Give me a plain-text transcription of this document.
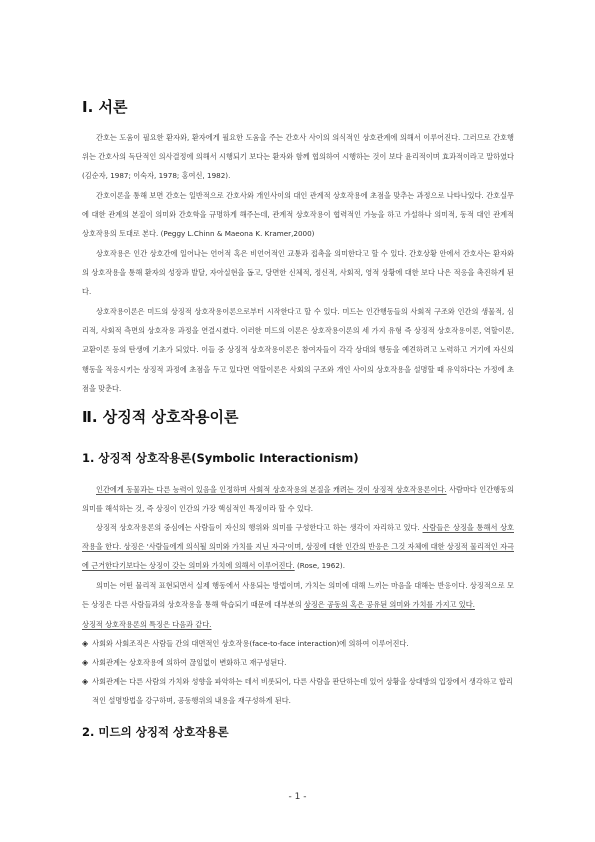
Ⅰ. 서론

간호는 도움이 필요한 환자와, 환자에게 필요한 도움을 주는 간호사 사이의 의식적인 상호관계에 의해서 이루어진다. 그러므로 간호행위는 간호사의 독단적인 의사결정에 의해서 시행되기 보다는 환자와 함께 협의하여 시행하는 것이 보다 윤리적이며 효과적이라고 말하였다 (김순자, 1987; 이숙자, 1978; 홍여신, 1982).

간호이론을 통해 보면 간호는 일반적으로 간호사와 개인사이의 대인 관계적 상호작용에 초점을 맞추는 과정으로 나타나있다. 간호실무에 대한 관계의 본질이 의미와 간호학을 규명하게 해주는데, 관계적 상호작용이 협력적인 가능을 하고 가설하나 의미적, 동적 대인 관계적 상호작용의 토대로 본다. (Peggy L.Chinn & Maeona K. Kramer,2000)

상호작용은 인간 상호간에 일어나는 언어적 혹은 비언어적인 교통과 접촉을 의미한다고 할 수 있다. 간호상황 안에서 간호사는 환자와의 상호작용을 통해 환자의 성장과 발달, 자아실현을 돕고, 당면한 신체적, 정신적, 사회적, 영적 상황에 대한 보다 나은 적응을 촉진하게 된다.

상호작용이론은 미드의 상징적 상호작용이론으로부터 시작한다고 할 수 있다. 미드는 인간행동들의 사회적 구조와 인간의 생물적, 심리적, 사회적 측면의 상호작용 과정을 연결시켰다. 이러한 미드의 이론은 상호작용이론의 세 가지 유형 즉 상징적 상호작용이론, 역할이론, 교환이론 등의 탄생에 기초가 되었다. 이들 중 상징적 상호작용이론은 참여자들이 각각 상대의 행동을 예견하려고 노력하고 거기에 자신의 행동을 적응시키는 상징적 과정에 초점을 두고 있다면 역할이론은 사회의 구조와 개인 사이의 상호작용을 설명할 때 유익하다는 가정에 초점을 맞춘다.

Ⅱ. 상징적 상호작용이론
1. 상징적 상호작용론(Symbolic Interactionism)

인간에게 동물과는 다른 능력이 있음을 인정하며 사회적 상호작용의 본질을 캐려는 것이 상징적 상호작용론이다. 사람마다 인간행동의 의미를 해석하는 것, 즉 상징이 인간의 가장 핵심적인 특징이라 할 수 있다.

상징적 상호작용론의 중심에는 사람들이 자신의 행위와 의미를 구성한다고 하는 생각이 자리하고 있다. 사람들은 상징을 통해서 상호작용을 한다. 상징은 '사람들에게 의식될 의미와 가치를 지닌 자극'이며, 상징에 대한 인간의 반응은 그것 자체에 대한 상징적 물리적인 자극에 근거한다기보다는 상징이 갖는 의미와 가치에 의해서 이루어진다. (Rose, 1962).

의미는 어떤 물리적 표현되면서 실제 행동에서 사용되는 방법이며, 가치는 의미에 대해 느끼는 마음을 대해는 반응이다. 상징적으로 모든 상징은 다른 사람들과의 상호작용을 통해 학습되기 때문에 대부분의 상징은 공동의 혹은 공유된 의미와 가치를 가지고 있다.

상징적 상호작용론의 특징은 다음과 같다.

◈ 사회와 사회조직은 사람들 간의 대면적인 상호작용(face-to-face interaction)에 의하여 이루어진다.
◈ 사회관계는 상호작용에 의하여 끊임없이 변화하고 재구성된다.
◈ 사회관계는 다른 사람의 가치와 성향을 파악하는 데서 비롯되어, 다른 사람을 판단하는데 있어 상황을 상대방의 입장에서 생각하고 합리적인 설명방법을 강구하며, 공동행위의 내용을 재구성하게 된다.
2. 미드의 상징적 상호작용론
- 1 -
